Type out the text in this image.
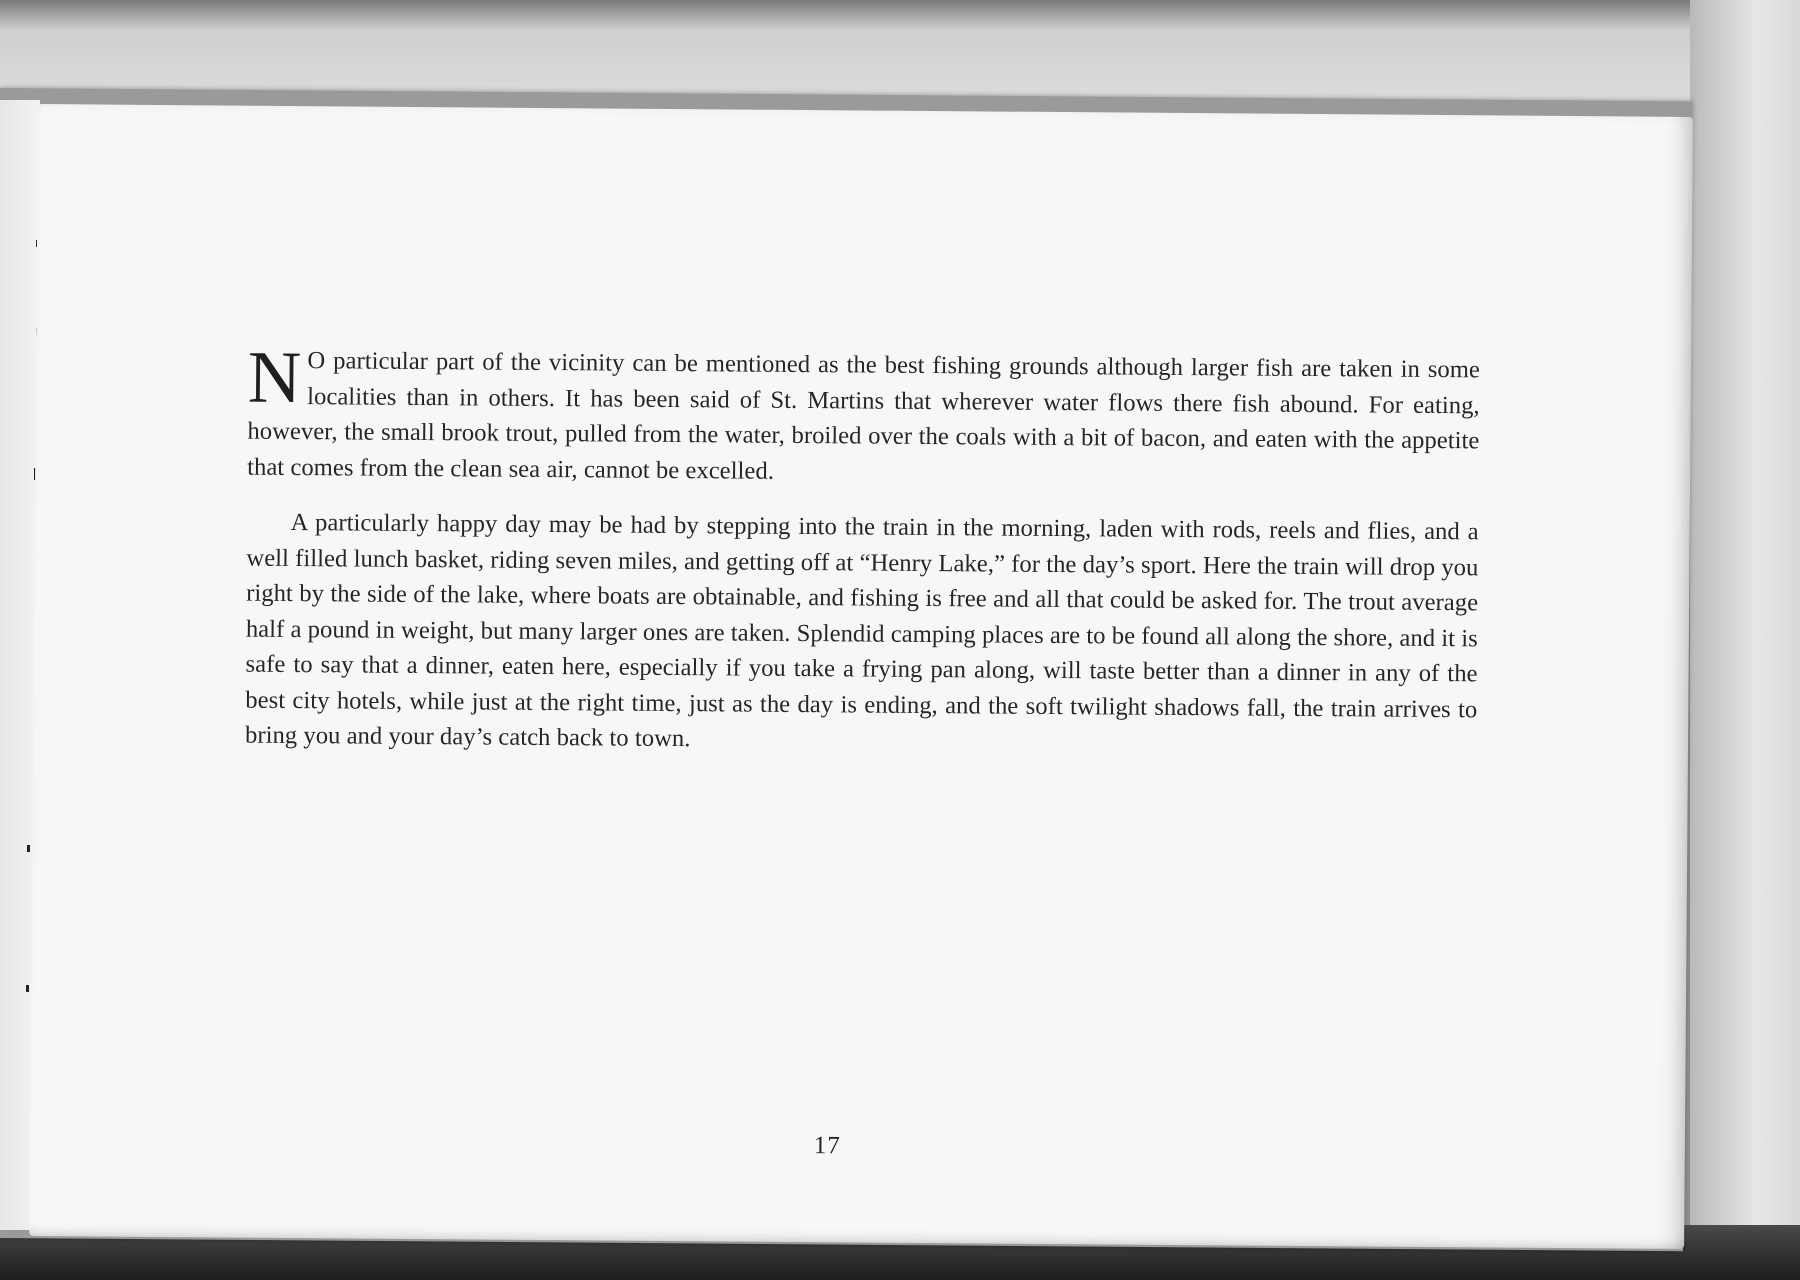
N O particular part of the vicinity can be mentioned as the best fishing grounds although larger fish are taken in some localities than in others. It has been said of St. Martins that wherever water flows there fish abound. For eating, however, the small brook trout, pulled from the water, broiled over the coals with a bit of bacon, and eaten with the appetite that comes from the clean sea air, cannot be excelled.

A particularly happy day may be had by stepping into the train in the morning, laden with rods, reels and flies, and a well filled lunch basket, riding seven miles, and getting off at “Henry Lake,” for the day’s sport. Here the train will drop you right by the side of the lake, where boats are obtainable, and fishing is free and all that could be asked for. The trout average half a pound in weight, but many larger ones are taken. Splendid camping places are to be found all along the shore, and it is safe to say that a dinner, eaten here, especially if you take a frying pan along, will taste better than a dinner in any of the best city hotels, while just at the right time, just as the day is ending, and the soft twilight shadows fall, the train arrives to bring you and your day’s catch back to town.

17
